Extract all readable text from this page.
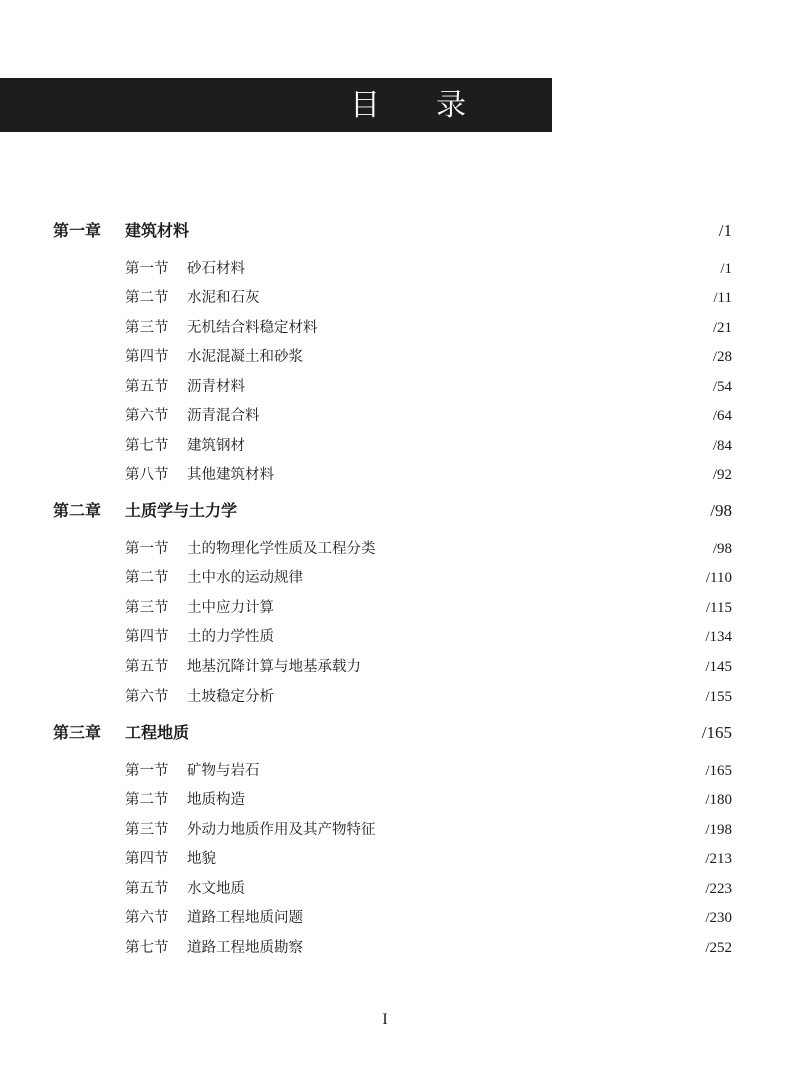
目录
第一章 建筑材料	/1
第一节 砂石材料	/1
第二节 水泥和石灰	/11
第三节 无机结合料稳定材料	/21
第四节 水泥混凝土和砂浆	/28
第五节 沥青材料	/54
第六节 沥青混合料	/64
第七节 建筑钢材	/84
第八节 其他建筑材料	/92
第二章 土质学与土力学	/98
第一节 土的物理化学性质及工程分类	/98
第二节 土中水的运动规律	/110
第三节 土中应力计算	/115
第四节 土的力学性质	/134
第五节 地基沉降计算与地基承载力	/145
第六节 土坡稳定分析	/155
第三章 工程地质	/165
第一节 矿物与岩石	/165
第二节 地质构造	/180
第三节 外动力地质作用及其产物特征	/198
第四节 地貌	/213
第五节 水文地质	/223
第六节 道路工程地质问题	/230
第七节 道路工程地质勘察	/252
I
